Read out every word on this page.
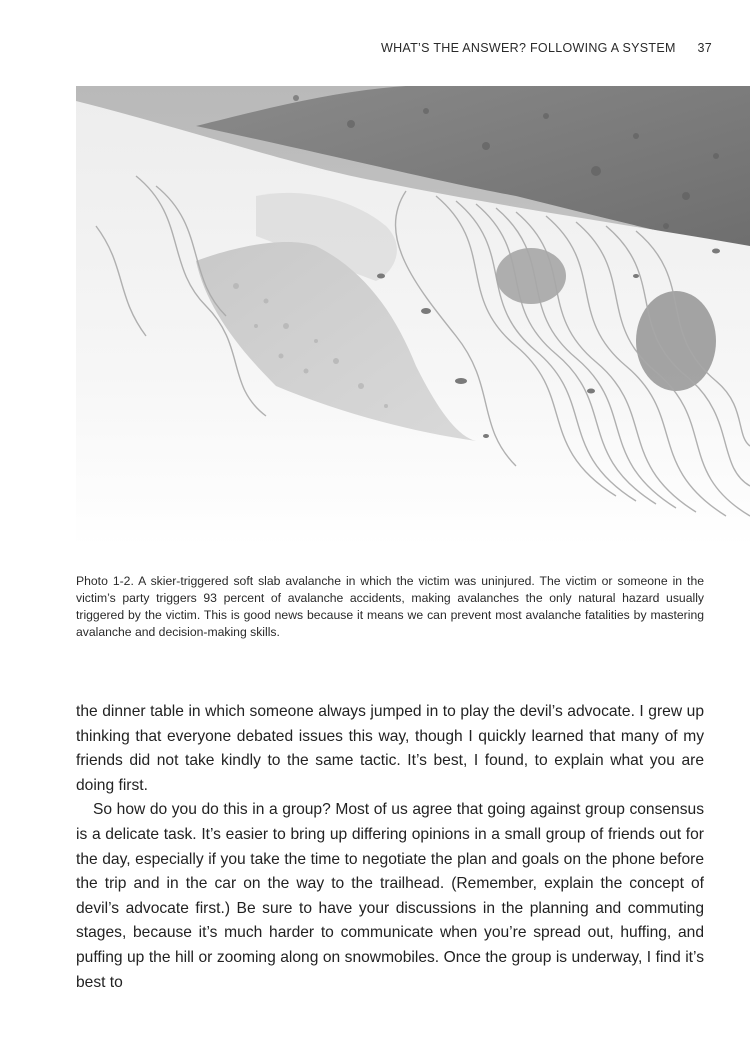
WHAT’S THE ANSWER? FOLLOWING A SYSTEM 37
Photo 1-2. A skier-triggered soft slab avalanche in which the victim was uninjured. The victim or someone in the victim’s party triggers 93 percent of avalanche accidents, making avalanches the only natural hazard usually triggered by the victim. This is good news because it means we can prevent most avalanche fatalities by mastering avalanche and decision-making skills.

the dinner table in which someone always jumped in to play the devil’s advocate. I grew up thinking that everyone debated issues this way, though I quickly learned that many of my friends did not take kindly to the same tactic. It’s best, I found, to explain what you are doing first.

So how do you do this in a group? Most of us agree that going against group consensus is a delicate task. It’s easier to bring up differing opinions in a small group of friends out for the day, especially if you take the time to negotiate the plan and goals on the phone before the trip and in the car on the way to the trailhead. (Remember, explain the concept of devil’s advocate first.) Be sure to have your discussions in the planning and commuting stages, because it’s much harder to communicate when you’re spread out, huffing, and puffing up the hill or zooming along on snowmobiles. Once the group is underway, I find it’s best to
